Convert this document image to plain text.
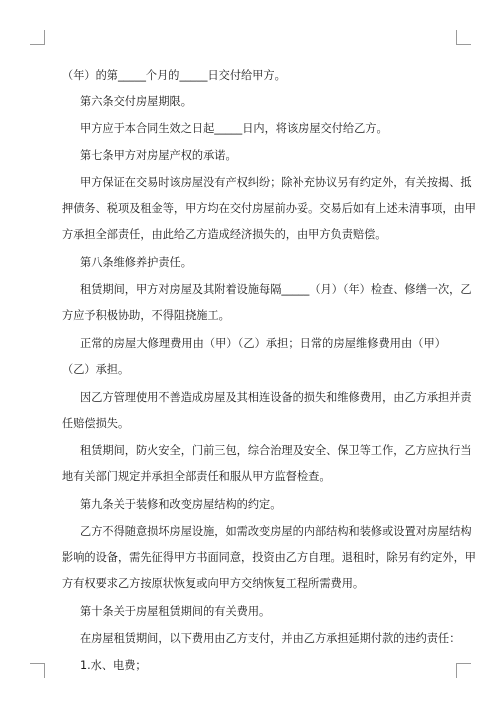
（年）的第_____个月的_____日交付给甲方。
第六条交付房屋期限。
甲方应于本合同生效之日起_____日内，将该房屋交付给乙方。
第七条甲方对房屋产权的承诺。
甲方保证在交易时该房屋没有产权纠纷；除补充协议另有约定外，有关按揭、抵
押债务、税项及租金等，甲方均在交付房屋前办妥。交易后如有上述未清事项，由甲
方承担全部责任，由此给乙方造成经济损失的，由甲方负责赔偿。
第八条维修养护责任。
租赁期间，甲方对房屋及其附着设施每隔_____（月）（年）检查、修缮一次，乙
方应予积极协助，不得阻挠施工。
正常的房屋大修理费用由（甲）（乙）承担；日常的房屋维修费用由（甲）
（乙）承担。
因乙方管理使用不善造成房屋及其相连设备的损失和维修费用，由乙方承担并责
任赔偿损失。
租赁期间，防火安全，门前三包，综合治理及安全、保卫等工作，乙方应执行当
地有关部门规定并承担全部责任和服从甲方监督检查。
第九条关于装修和改变房屋结构的约定。
乙方不得随意损坏房屋设施，如需改变房屋的内部结构和装修或设置对房屋结构
影响的设备，需先征得甲方书面同意，投资由乙方自理。退租时，除另有约定外，甲
方有权要求乙方按原状恢复或向甲方交纳恢复工程所需费用。
第十条关于房屋租赁期间的有关费用。
在房屋租赁期间，以下费用由乙方支付，并由乙方承担延期付款的违约责任：
1.水、电费；
